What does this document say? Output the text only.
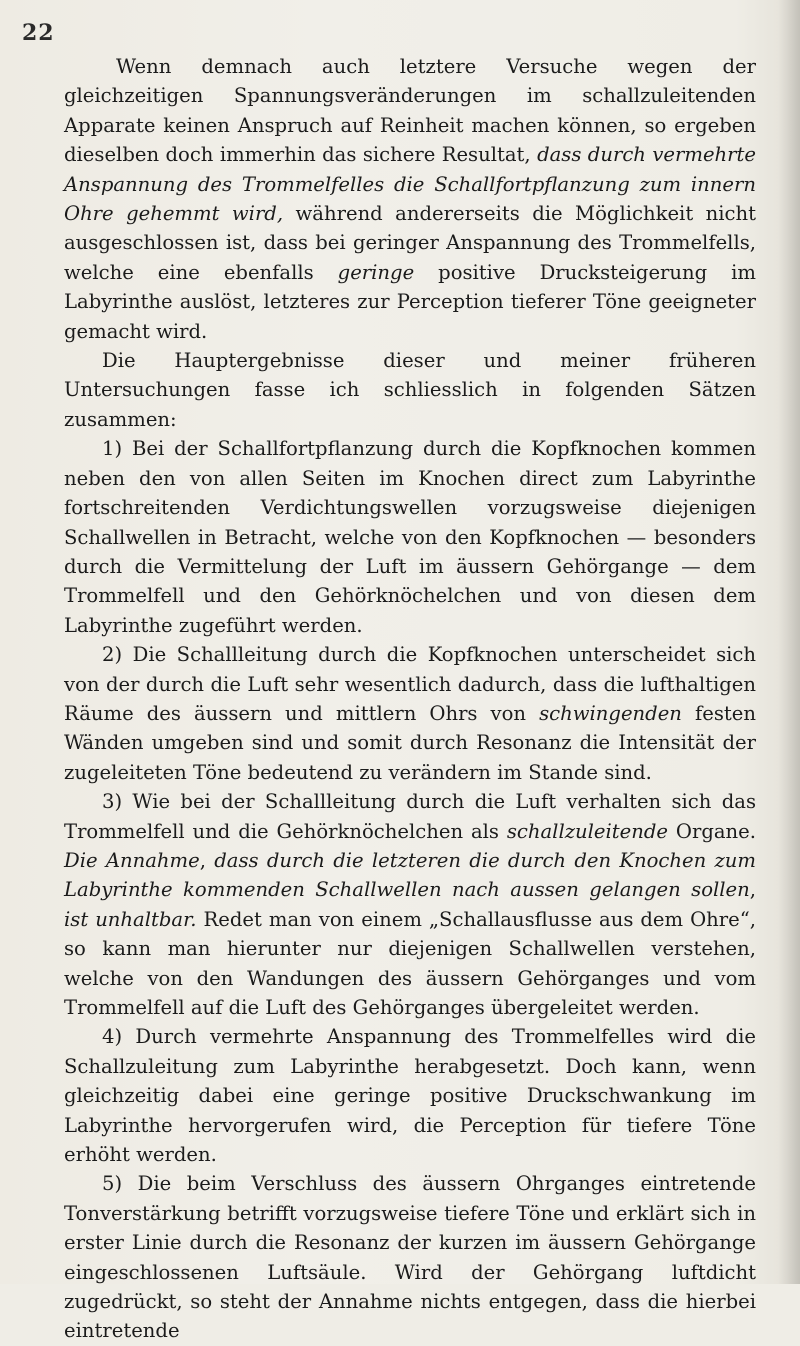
22

Wenn demnach auch letztere Versuche wegen der gleichzeitigen Spannungsveränderungen im schallzuleitenden Apparate keinen Anspruch auf Reinheit machen können, so ergeben dieselben doch immerhin das sichere Resultat, dass durch vermehrte Anspannung des Trommelfelles die Schallfortpflanzung zum innern Ohre gehemmt wird, während andererseits die Möglichkeit nicht ausgeschlossen ist, dass bei geringer Anspannung des Trommelfells, welche eine ebenfalls geringe positive Drucksteigerung im Labyrinthe auslöst, letzteres zur Perception tieferer Töne geeigneter gemacht wird.

Die Hauptergebnisse dieser und meiner früheren Untersuchungen fasse ich schliesslich in folgenden Sätzen zusammen:

1) Bei der Schallfortpflanzung durch die Kopfknochen kommen neben den von allen Seiten im Knochen direct zum Labyrinthe fortschreitenden Verdichtungswellen vorzugsweise diejenigen Schallwellen in Betracht, welche von den Kopfknochen — besonders durch die Vermittelung der Luft im äussern Gehörgange — dem Trommelfell und den Gehörknöchelchen und von diesen dem Labyrinthe zugeführt werden.

2) Die Schallleitung durch die Kopfknochen unterscheidet sich von der durch die Luft sehr wesentlich dadurch, dass die lufthaltigen Räume des äussern und mittlern Ohrs von schwingenden festen Wänden umgeben sind und somit durch Resonanz die Intensität der zugeleiteten Töne bedeutend zu verändern im Stande sind.

3) Wie bei der Schallleitung durch die Luft verhalten sich das Trommelfell und die Gehörknöchelchen als schallzuleitende Organe. Die Annahme, dass durch die letzteren die durch den Knochen zum Labyrinthe kommenden Schallwellen nach aussen gelangen sollen, ist unhaltbar. Redet man von einem „Schallausflusse aus dem Ohre“, so kann man hierunter nur diejenigen Schallwellen verstehen, welche von den Wandungen des äussern Gehörganges und vom Trommelfell auf die Luft des Gehörganges übergeleitet werden.

4) Durch vermehrte Anspannung des Trommelfelles wird die Schallzuleitung zum Labyrinthe herabgesetzt. Doch kann, wenn gleichzeitig dabei eine geringe positive Druckschwankung im Labyrinthe hervorgerufen wird, die Perception für tiefere Töne erhöht werden.

5) Die beim Verschluss des äussern Ohrganges eintretende Tonverstärkung betrifft vorzugsweise tiefere Töne und erklärt sich in erster Linie durch die Resonanz der kurzen im äussern Gehörgange eingeschlossenen Luftsäule. Wird der Gehörgang luftdicht zugedrückt, so steht der Annahme nichts entgegen, dass die hierbei eintretende
